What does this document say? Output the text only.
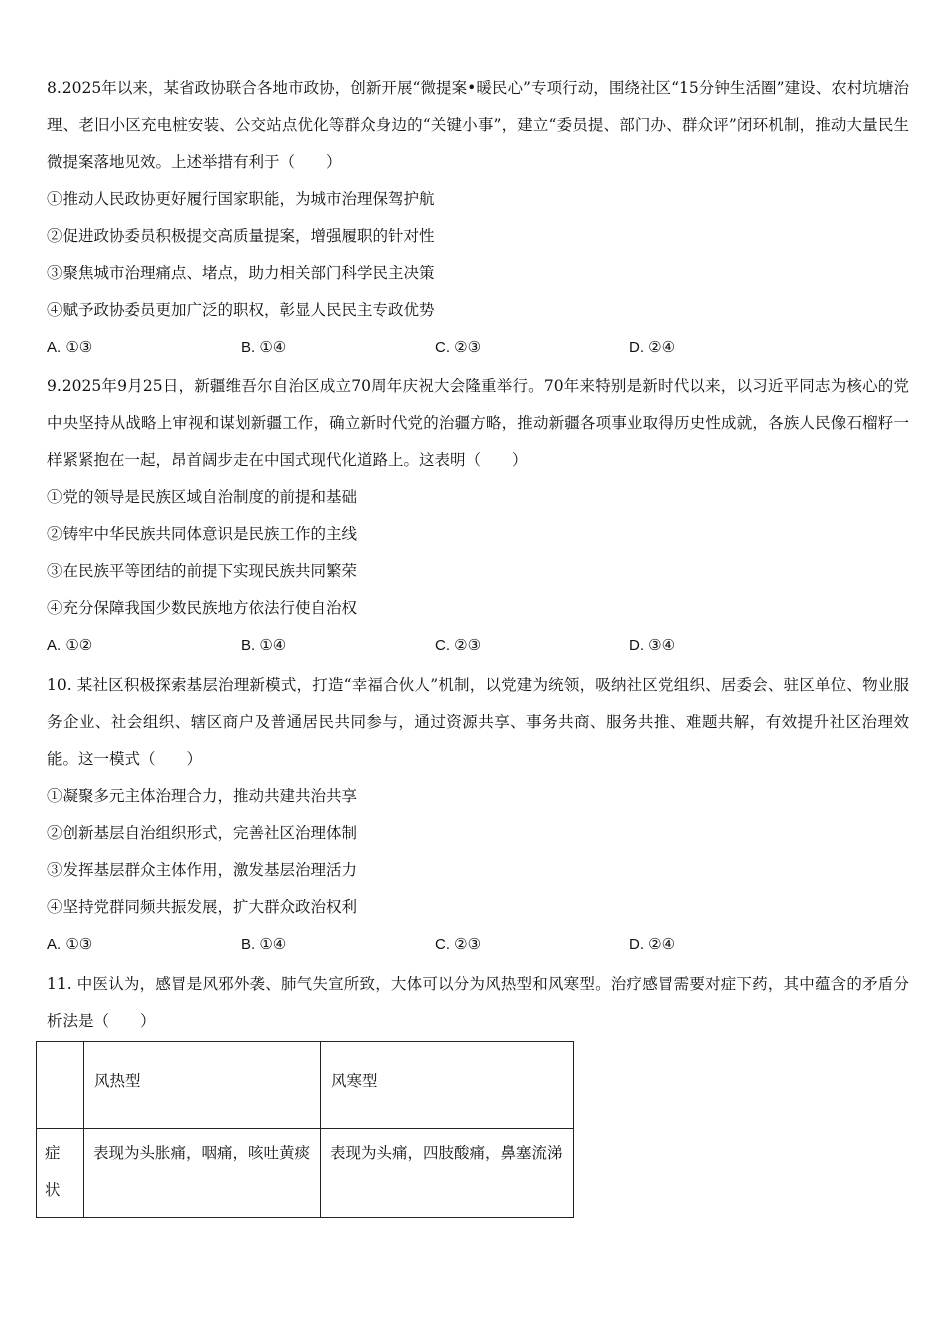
8.2025年以来，某省政协联合各地市政协，创新开展“微提案•暖民心”专项行动，围绕社区“15分钟生活圈”建设、农村坑塘治理、老旧小区充电桩安装、公交站点优化等群众身边的“关键小事”，建立“委员提、部门办、群众评”闭环机制，推动大量民生微提案落地见效。上述举措有利于（　　）

①推动人民政协更好履行国家职能，为城市治理保驾护航
②促进政协委员积极提交高质量提案，增强履职的针对性
③聚焦城市治理痛点、堵点，助力相关部门科学民主决策
④赋予政协委员更加广泛的职权，彰显人民民主专政优势
A. ①③	B. ①④	C. ②③	D. ②④

9.2025年9月25日，新疆维吾尔自治区成立70周年庆祝大会隆重举行。70年来特别是新时代以来，以习近平同志为核心的党中央坚持从战略上审视和谋划新疆工作，确立新时代党的治疆方略，推动新疆各项事业取得历史性成就，各族人民像石榴籽一样紧紧抱在一起，昂首阔步走在中国式现代化道路上。这表明（　　）

①党的领导是民族区域自治制度的前提和基础
②铸牢中华民族共同体意识是民族工作的主线
③在民族平等团结的前提下实现民族共同繁荣
④充分保障我国少数民族地方依法行使自治权
A. ①②	B. ①④	C. ②③	D. ③④

10. 某社区积极探索基层治理新模式，打造“幸福合伙人”机制，以党建为统领，吸纳社区党组织、居委会、驻区单位、物业服务企业、社会组织、辖区商户及普通居民共同参与，通过资源共享、事务共商、服务共推、难题共解，有效提升社区治理效能。这一模式（　　）

①凝聚多元主体治理合力，推动共建共治共享
②创新基层自治组织形式，完善社区治理体制
③发挥基层群众主体作用，激发基层治理活力
④坚持党群同频共振发展，扩大群众政治权利
A. ①③	B. ①④	C. ②③	D. ②④

11. 中医认为，感冒是风邪外袭、肺气失宣所致，大体可以分为风热型和风寒型。治疗感冒需要对症下药，其中蕴含的矛盾分析法是（　　）

	风热型	风寒型

症状	表现为头胀痛，咽痛，咳吐黄痰	表现为头痛，四肢酸痛，鼻塞流涕
